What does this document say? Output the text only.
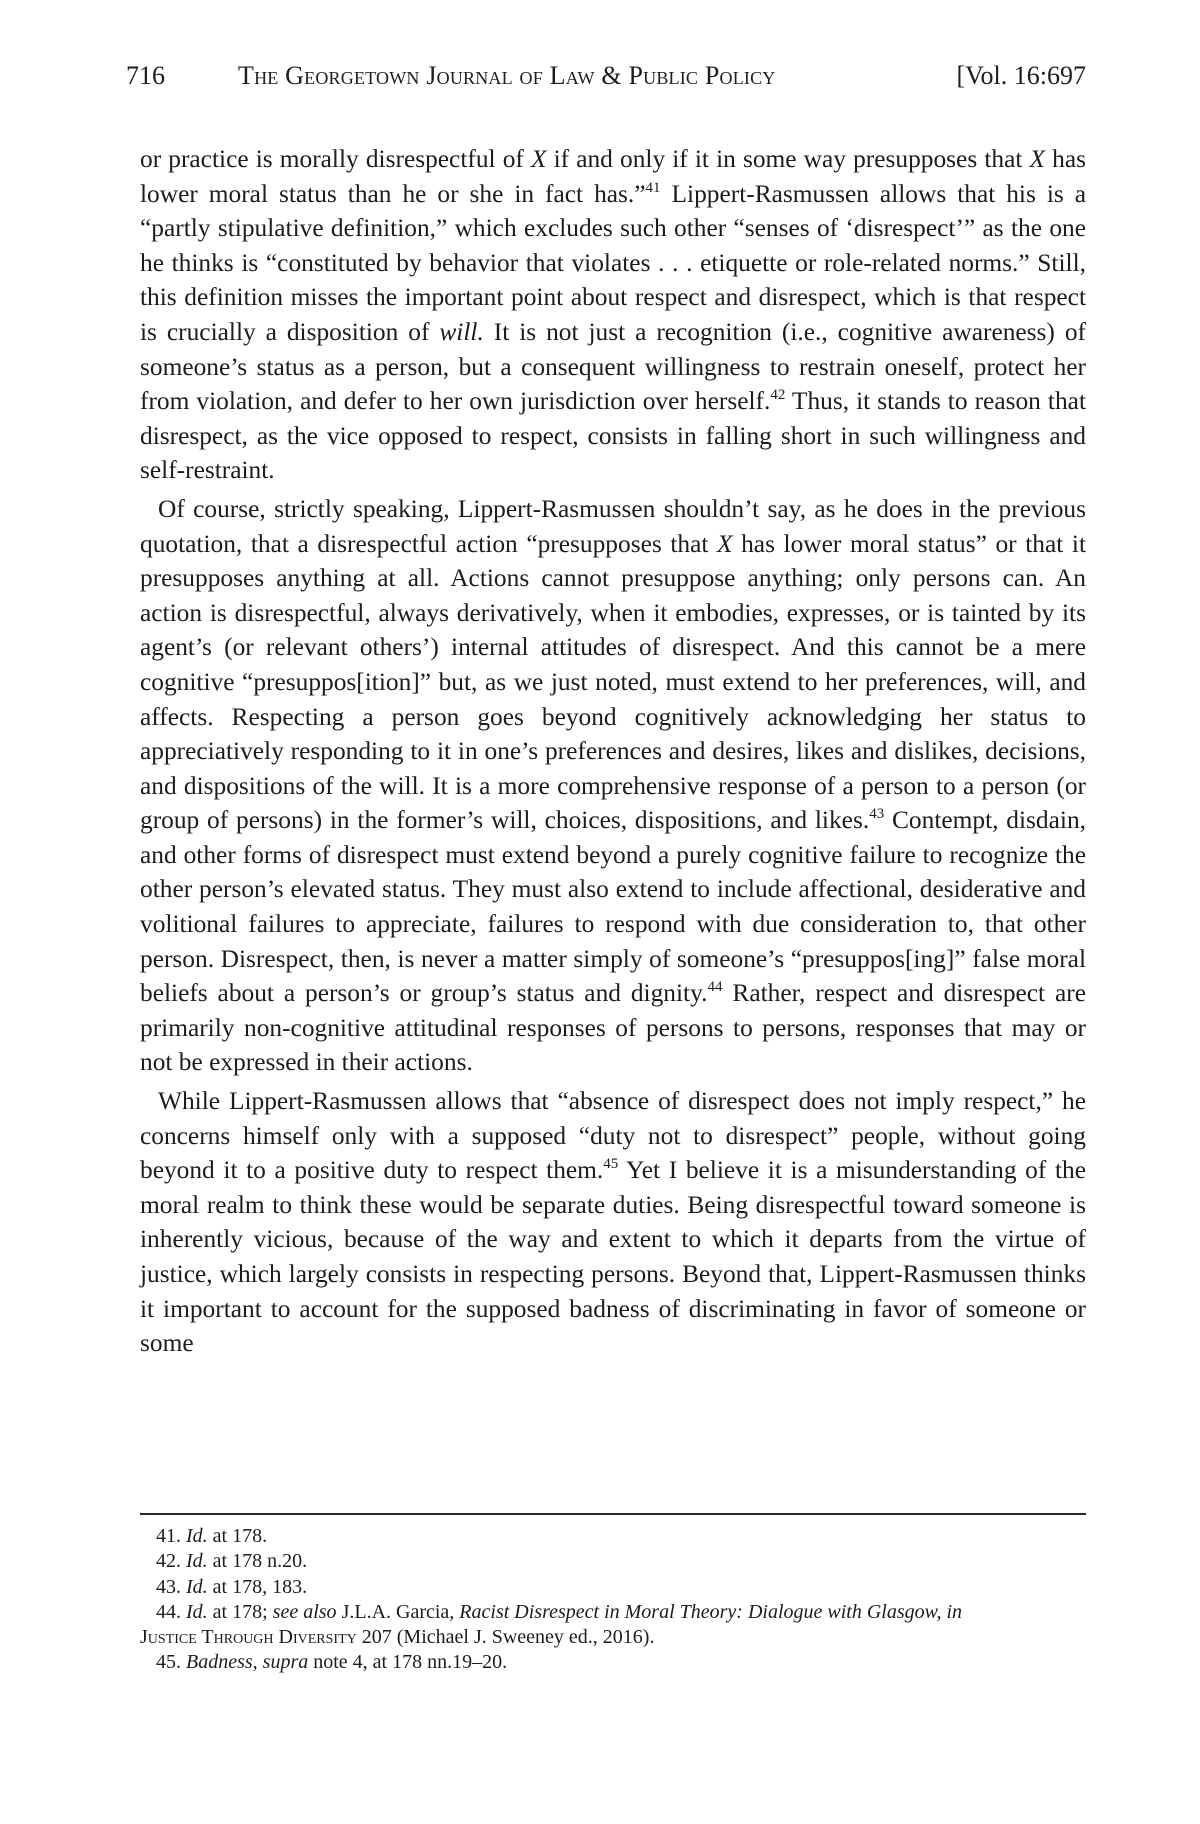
716	The Georgetown Journal of Law & Public Policy	[Vol. 16:697

or practice is morally disrespectful of X if and only if it in some way presupposes that X has lower moral status than he or she in fact has.”$^{41}$ Lippert-Rasmussen allows that his is a “partly stipulative definition,” which excludes such other “senses of ‘disrespect’” as the one he thinks is “constituted by behavior that violates . . . etiquette or role-related norms.” Still, this definition misses the important point about respect and disrespect, which is that respect is crucially a disposition of will. It is not just a recognition (i.e., cognitive awareness) of someone’s status as a person, but a consequent willingness to restrain oneself, protect her from violation, and defer to her own jurisdiction over herself.$^{42}$ Thus, it stands to reason that disrespect, as the vice opposed to respect, consists in falling short in such willingness and self-restraint.

Of course, strictly speaking, Lippert-Rasmussen shouldn’t say, as he does in the previous quotation, that a disrespectful action “presupposes that X has lower moral status” or that it presupposes anything at all. Actions cannot presuppose anything; only persons can. An action is disrespectful, always derivatively, when it embodies, expresses, or is tainted by its agent’s (or relevant others’) internal attitudes of disrespect. And this cannot be a mere cognitive “presuppos[ition]” but, as we just noted, must extend to her preferences, will, and affects. Respecting a person goes beyond cognitively acknowledging her status to appreciatively responding to it in one’s preferences and desires, likes and dislikes, decisions, and dispositions of the will. It is a more comprehensive response of a person to a person (or group of persons) in the former’s will, choices, dispositions, and likes.$^{43}$ Contempt, disdain, and other forms of disrespect must extend beyond a purely cognitive failure to recognize the other person’s elevated status. They must also extend to include affectional, desiderative and volitional failures to appreciate, failures to respond with due consideration to, that other person. Disrespect, then, is never a matter simply of someone’s “presuppos[ing]” false moral beliefs about a person’s or group’s status and dignity.$^{44}$ Rather, respect and disrespect are primarily non-cognitive attitudinal responses of persons to persons, responses that may or not be expressed in their actions.

While Lippert-Rasmussen allows that “absence of disrespect does not imply respect,” he concerns himself only with a supposed “duty not to disrespect” people, without going beyond it to a positive duty to respect them.$^{45}$ Yet I believe it is a misunderstanding of the moral realm to think these would be separate duties. Being disrespectful toward someone is inherently vicious, because of the way and extent to which it departs from the virtue of justice, which largely consists in respecting persons. Beyond that, Lippert-Rasmussen thinks it important to account for the supposed badness of discriminating in favor of someone or some

41. Id. at 178.
42. Id. at 178 n.20.
43. Id. at 178, 183.
44. Id. at 178; see also J.L.A. Garcia, Racist Disrespect in Moral Theory: Dialogue with Glasgow, in
Justice Through Diversity 207 (Michael J. Sweeney ed., 2016).
45. Badness, supra note 4, at 178 nn.19–20.
